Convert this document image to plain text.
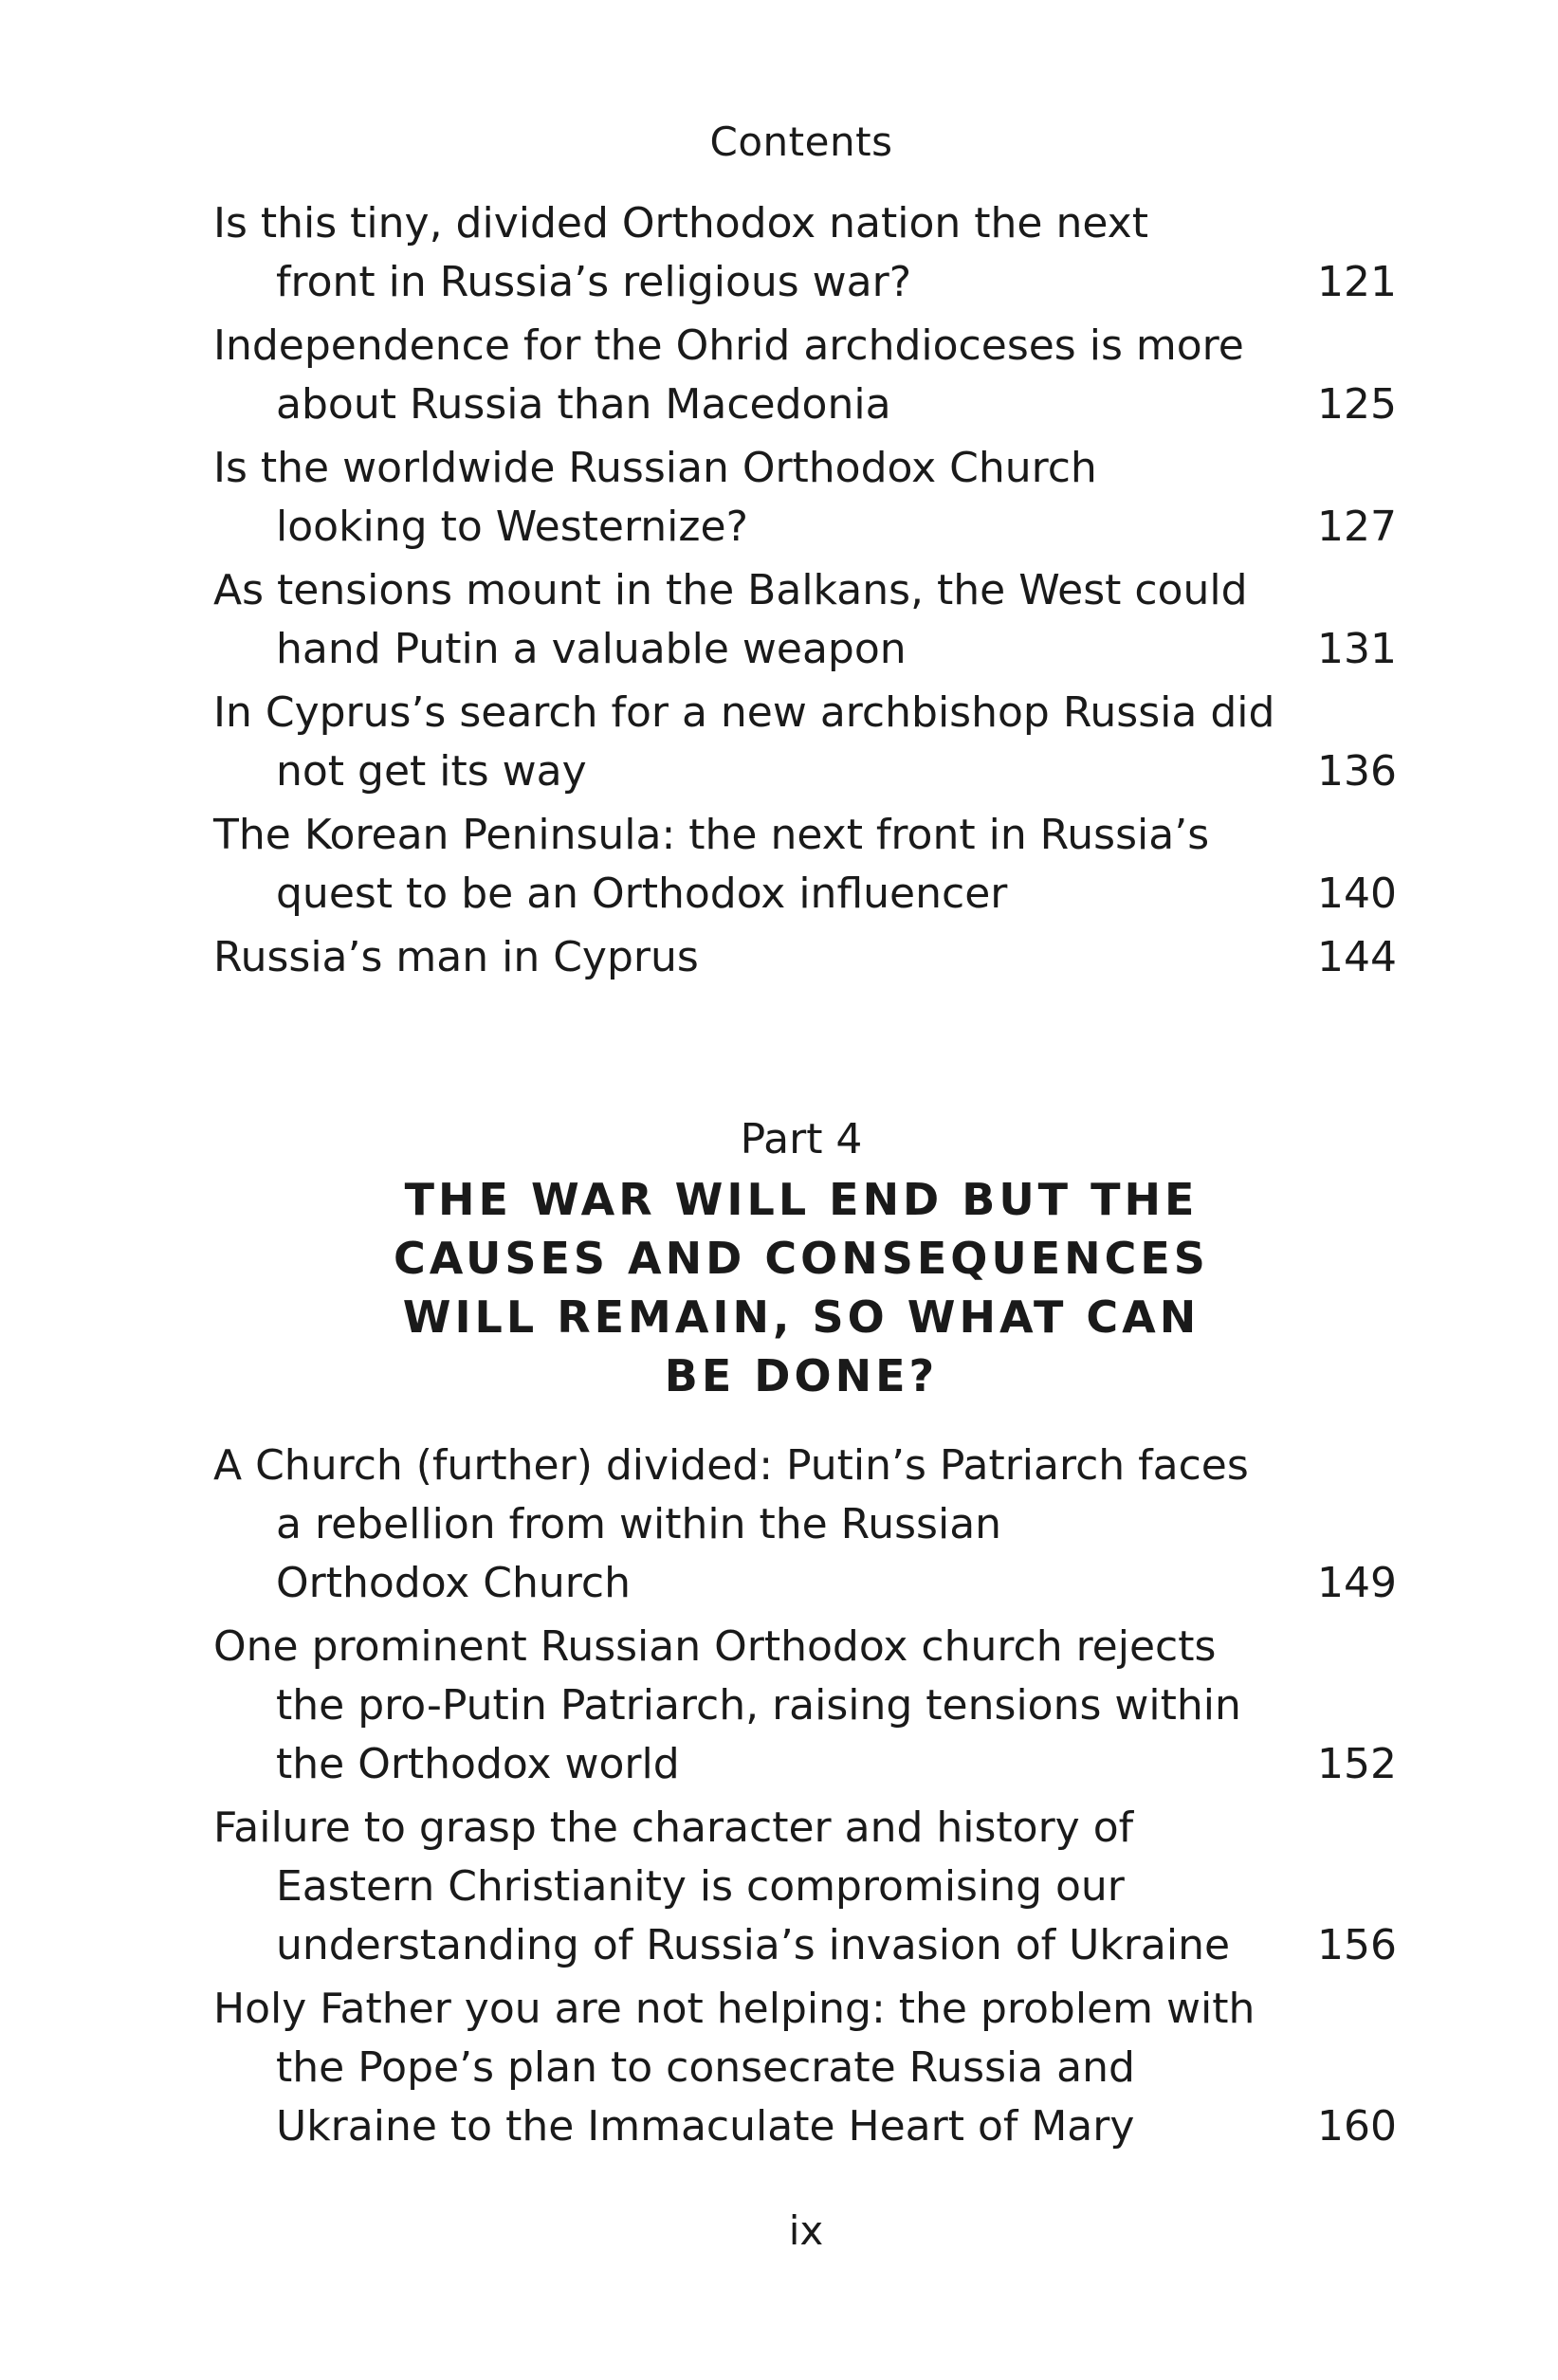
Contents
Is this tiny, divided Orthodox nation the next
front in Russia’s religious war?	121
Independence for the Ohrid archdioceses is more
about Russia than Macedonia	125
Is the worldwide Russian Orthodox Church
looking to Westernize?	127
As tensions mount in the Balkans, the West could
hand Putin a valuable weapon	131
In Cyprus’s search for a new archbishop Russia did
not get its way	136
The Korean Peninsula: the next front in Russia’s
quest to be an Orthodox influencer	140
Russia’s man in Cyprus	144
Part 4
THE WAR WILL END BUT THE
CAUSES AND CONSEQUENCES
WILL REMAIN, SO WHAT CAN
BE DONE?
A Church (further) divided: Putin’s Patriarch faces
a rebellion from within the Russian
Orthodox Church	149
One prominent Russian Orthodox church rejects
the pro-Putin Patriarch, raising tensions within
the Orthodox world	152
Failure to grasp the character and history of
Eastern Christianity is compromising our
understanding of Russia’s invasion of Ukraine	156
Holy Father you are not helping: the problem with
the Pope’s plan to consecrate Russia and
Ukraine to the Immaculate Heart of Mary	160
ix
